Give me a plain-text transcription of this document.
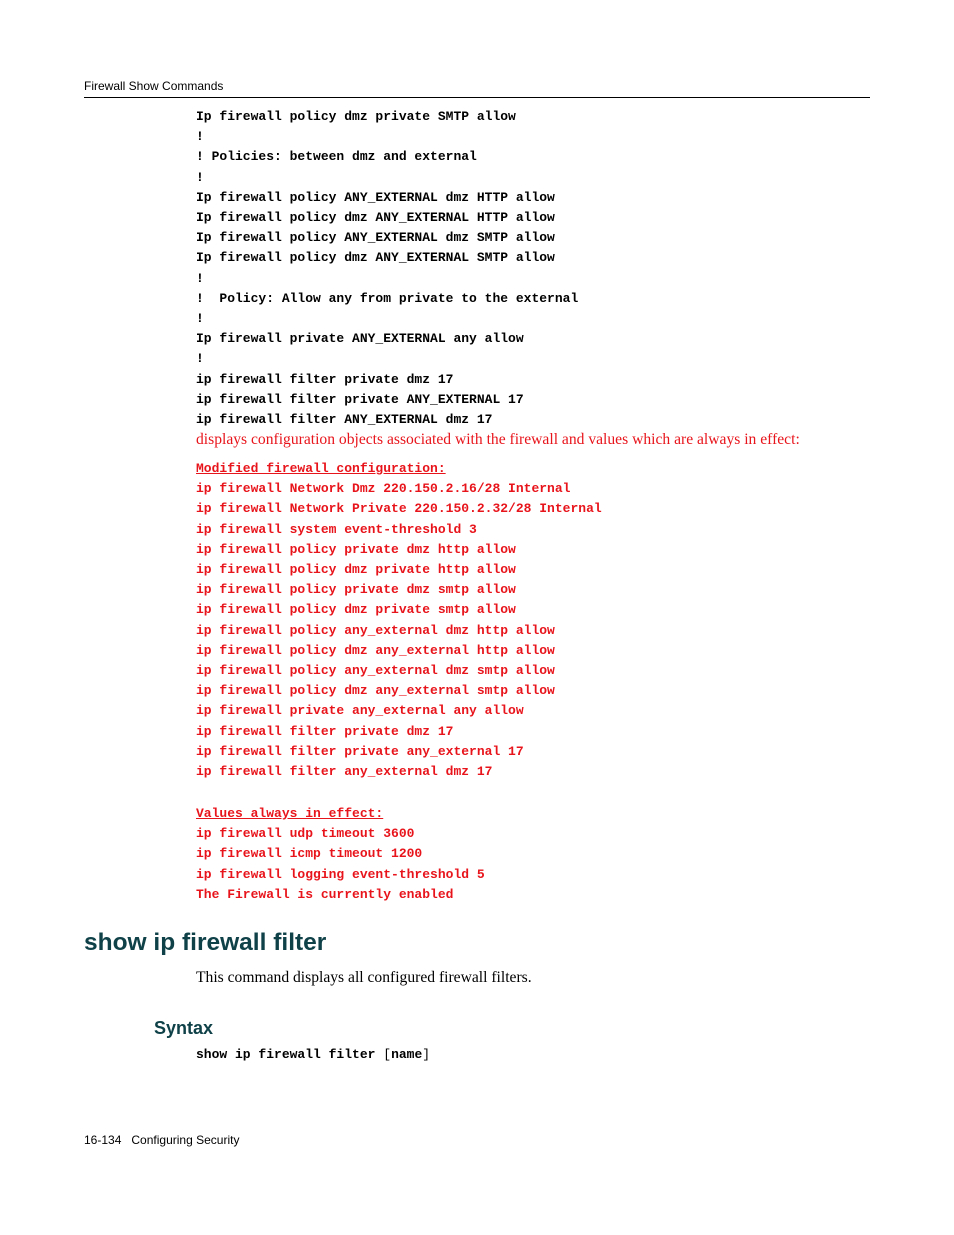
Firewall Show Commands
Ip firewall policy dmz private SMTP allow
!
! Policies: between dmz and external
!
Ip firewall policy ANY_EXTERNAL dmz HTTP allow
Ip firewall policy dmz ANY_EXTERNAL HTTP allow
Ip firewall policy ANY_EXTERNAL dmz SMTP allow
Ip firewall policy dmz ANY_EXTERNAL SMTP allow
!
!  Policy: Allow any from private to the external
!
Ip firewall private ANY_EXTERNAL any allow
!
ip firewall filter private dmz 17
ip firewall filter private ANY_EXTERNAL 17
ip firewall filter ANY_EXTERNAL dmz 17
displays configuration objects associated with the firewall and values which are always in effect:
Modified firewall configuration:
ip firewall Network Dmz 220.150.2.16/28 Internal
ip firewall Network Private 220.150.2.32/28 Internal
ip firewall system event-threshold 3
ip firewall policy private dmz http allow
ip firewall policy dmz private http allow
ip firewall policy private dmz smtp allow
ip firewall policy dmz private smtp allow
ip firewall policy any_external dmz http allow
ip firewall policy dmz any_external http allow
ip firewall policy any_external dmz smtp allow
ip firewall policy dmz any_external smtp allow
ip firewall private any_external any allow
ip firewall filter private dmz 17
ip firewall filter private any_external 17
ip firewall filter any_external dmz 17
Values always in effect:
ip firewall udp timeout 3600
ip firewall icmp timeout 1200
ip firewall logging event-threshold 5
The Firewall is currently enabled
show ip firewall filter

This command displays all configured firewall filters.

Syntax
show ip firewall filter [name]
16-134 Configuring Security
